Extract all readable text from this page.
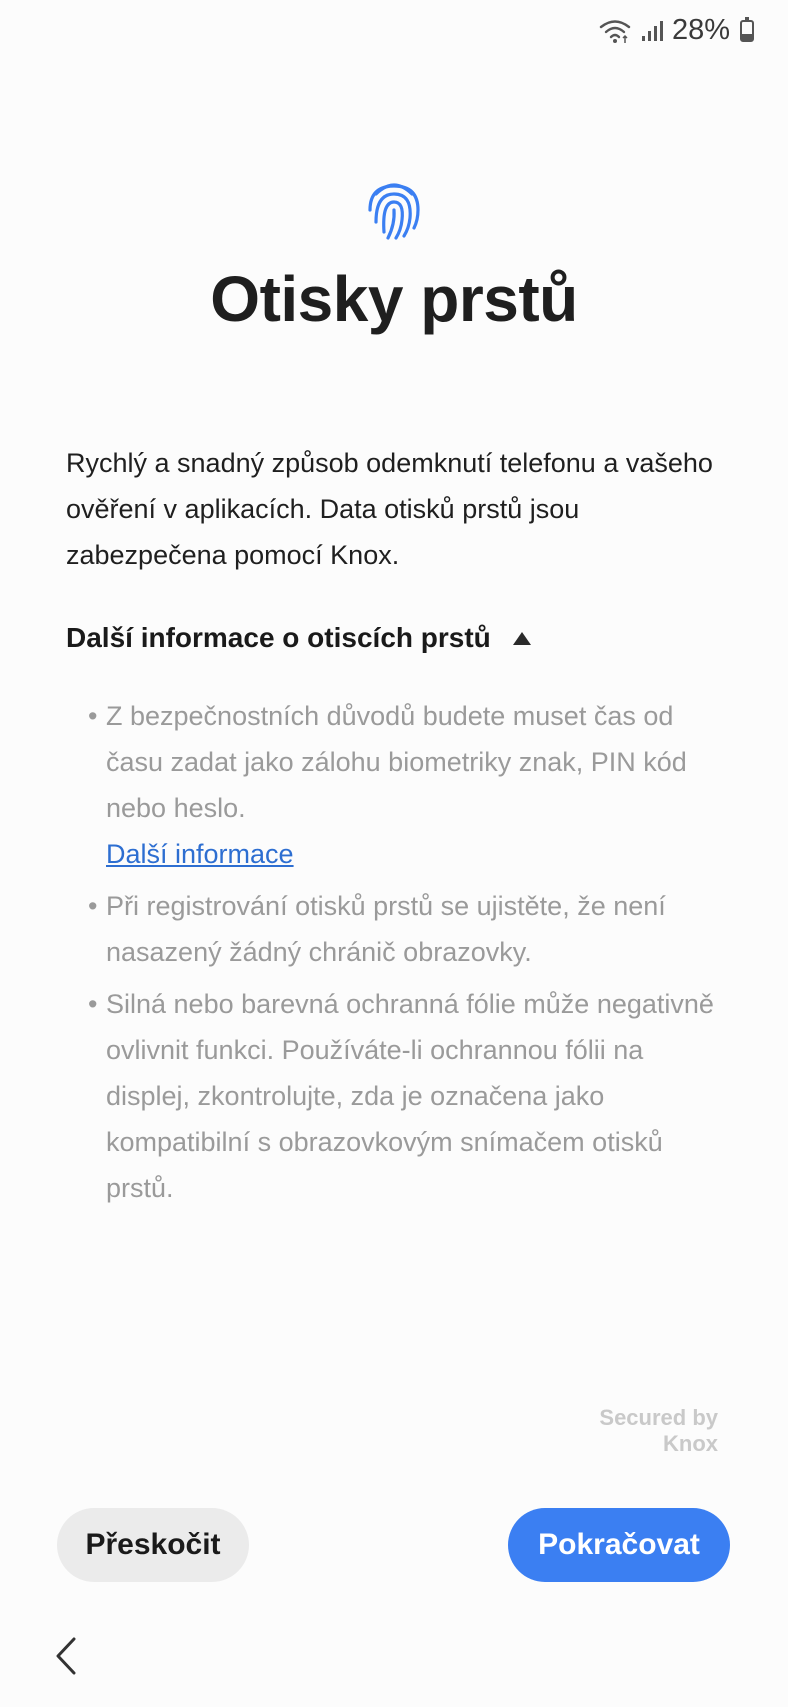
28%
Otisky prstů

Rychlý a snadný způsob odemknutí telefonu a vašeho ověření v aplikacích. Data otisků prstů jsou zabezpečena pomocí Knox.

Další informace o otiscích prstů
• Z bezpečnostních důvodů budete muset čas od času zadat jako zálohu biometriky znak, PIN kód nebo heslo.
Další informace
• Při registrování otisků prstů se ujistěte, že není nasazený žádný chránič obrazovky.
• Silná nebo barevná ochranná fólie může negativně ovlivnit funkci. Používáte-li ochrannou fólii na displej, zkontrolujte, zda je označena jako kompatibilní s obrazovkovým snímačem otisků prstů.
Secured by
Knox
Přeskočit	Pokračovat
